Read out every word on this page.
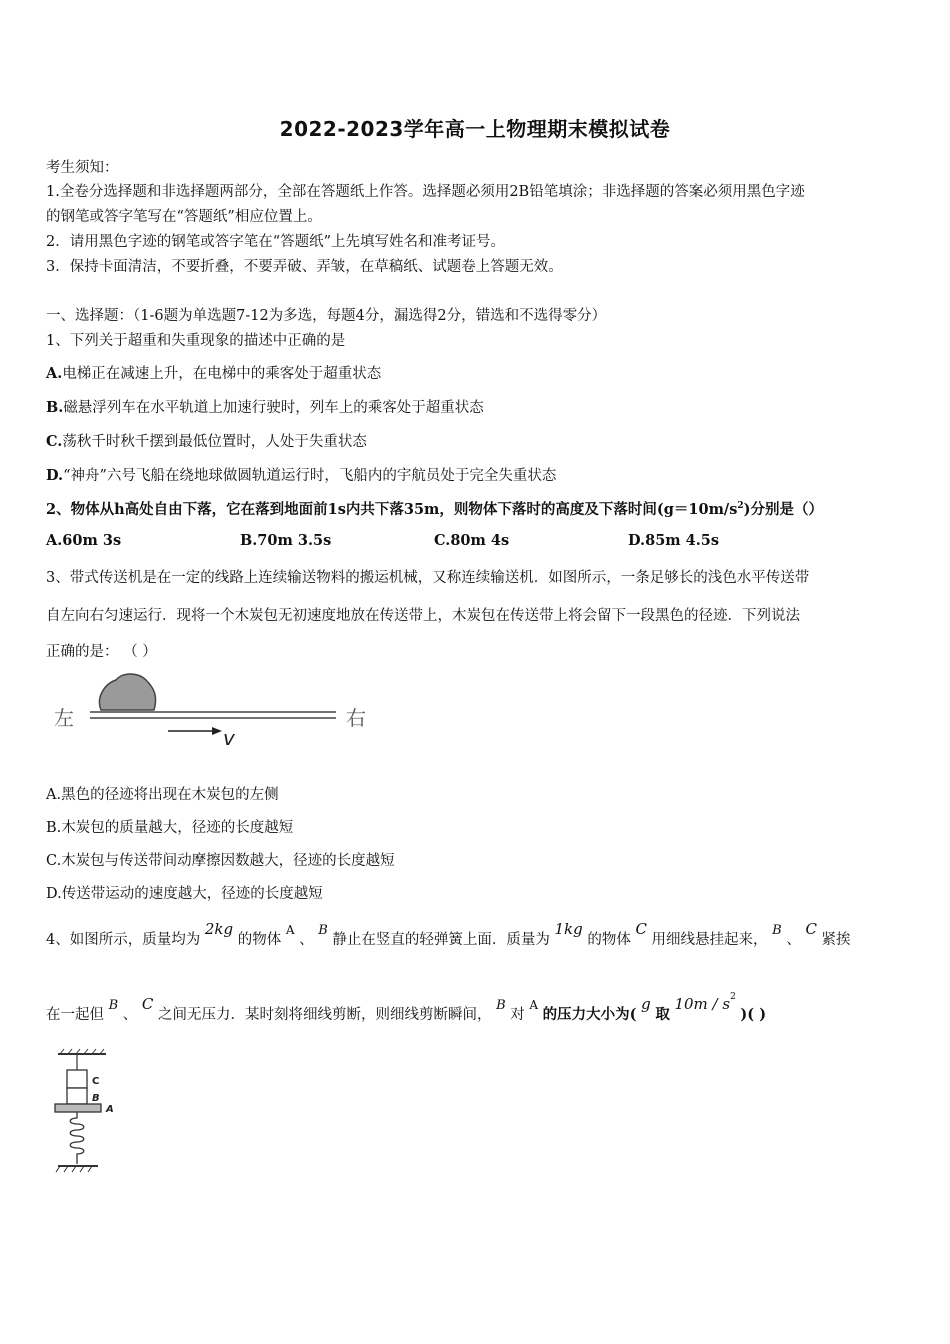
2022-2023学年高一上物理期末模拟试卷
考生须知：
1.全卷分选择题和非选择题两部分，全部在答题纸上作答。选择题必须用2B铅笔填涂；非选择题的答案必须用黑色字迹
的钢笔或答字笔写在“答题纸”相应位置上。
2．请用黑色字迹的钢笔或答字笔在“答题纸”上先填写姓名和准考证号。
3．保持卡面清洁，不要折叠，不要弄破、弄皱，在草稿纸、试题卷上答题无效。
一、选择题：（1-6题为单选题7-12为多选，每题4分，漏选得2分，错选和不选得零分）
1、下列关于超重和失重现象的描述中正确的是
A.电梯正在减速上升，在电梯中的乘客处于超重状态
B.磁悬浮列车在水平轨道上加速行驶时，列车上的乘客处于超重状态
C.荡秋千时秋千摆到最低位置时，人处于失重状态
D.“神舟”六号飞船在绕地球做圆轨道运行时，飞船内的宇航员处于完全失重状态
2、物体从h高处自由下落，它在落到地面前1s内共下落35m，则物体下落时的高度及下落时间$(g=10m/s^2)$分别是（）
A.60m 3s	B.70m 3.5s	C.80m 4s	D.85m 4.5s
3、带式传送机是在一定的线路上连续输送物料的搬运机械，又称连续输送机．如图所示，一条足够长的浅色水平传送带
自左向右匀速运行．现将一个木炭包无初速度地放在传送带上，木炭包在传送带上将会留下一段黑色的径迹．下列说法
正确的是： （ ）
左	右
v
A.黑色的径迹将出现在木炭包的左侧
B.木炭包的质量越大，径迹的长度越短
C.木炭包与传送带间动摩擦因数越大，径迹的长度越短
D.传送带运动的速度越大，径迹的长度越短
4、如图所示，质量均为 2kg 的物体 $^A$ 、 B 静止在竖直的轻弹簧上面．质量为 1kg 的物体 C 用细线悬挂起来， B 、 C 紧挨
在一起但 B 、 C 之间无压力．某时刻将细线剪断，则细线剪断瞬间， B 对 $^A$ 的压力大小为( g 取 $10m / s^2$ )( )
C
B
A
